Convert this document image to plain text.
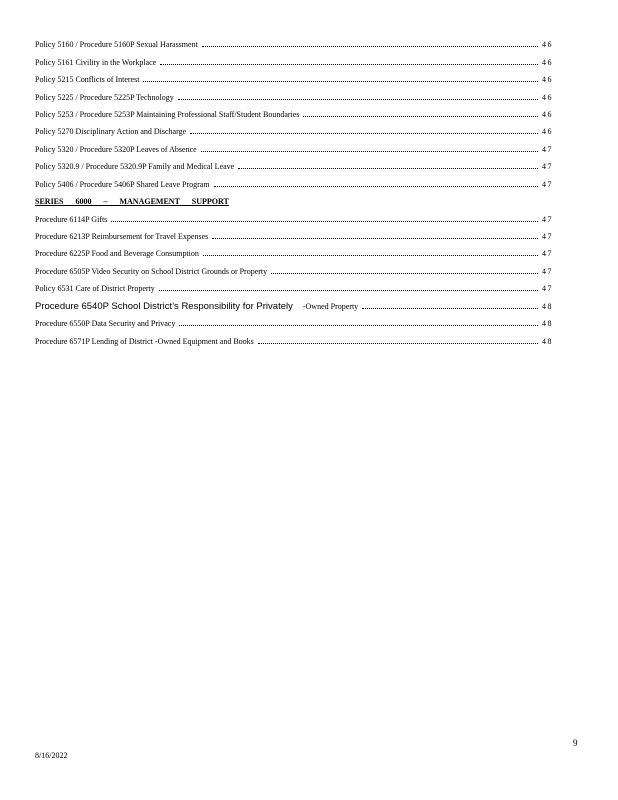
Policy 5160 / Procedure 5160P Sexual Harassment	46
Policy 5161 Civility in the Workplace	46
Policy 5215 Conflicts of Interest	46
Policy 5225 / Procedure 5225P Technology	46
Policy 5253 / Procedure 5253P Maintaining Professional Staff/Student Boundaries	46
Policy 5270 Disciplinary Action and Discharge	46
Policy 5320 / Procedure 5320P Leaves of Absence	47
Policy 5320.9 / Procedure 5320.9P Family and Medical Leave	47
Policy 5406 / Procedure 5406P Shared Leave Program	47
SERIES 6000 – MANAGEMENT SUPPORT
Procedure 6114P Gifts	47
Procedure 6213P Reimbursement for Travel Expenses	47
Procedure 6225P Food and Beverage Consumption	47
Procedure 6505P Video Security on School District Grounds or Property	47
Policy 6531 Care of District Property	47
Procedure 6540P School District’s Responsibility for Privately -Owned Property	48
Procedure 6550P Data Security and Privacy	48
Procedure 6571P Lending of District -Owned Equipment and Books	48
9
8/16/2022
